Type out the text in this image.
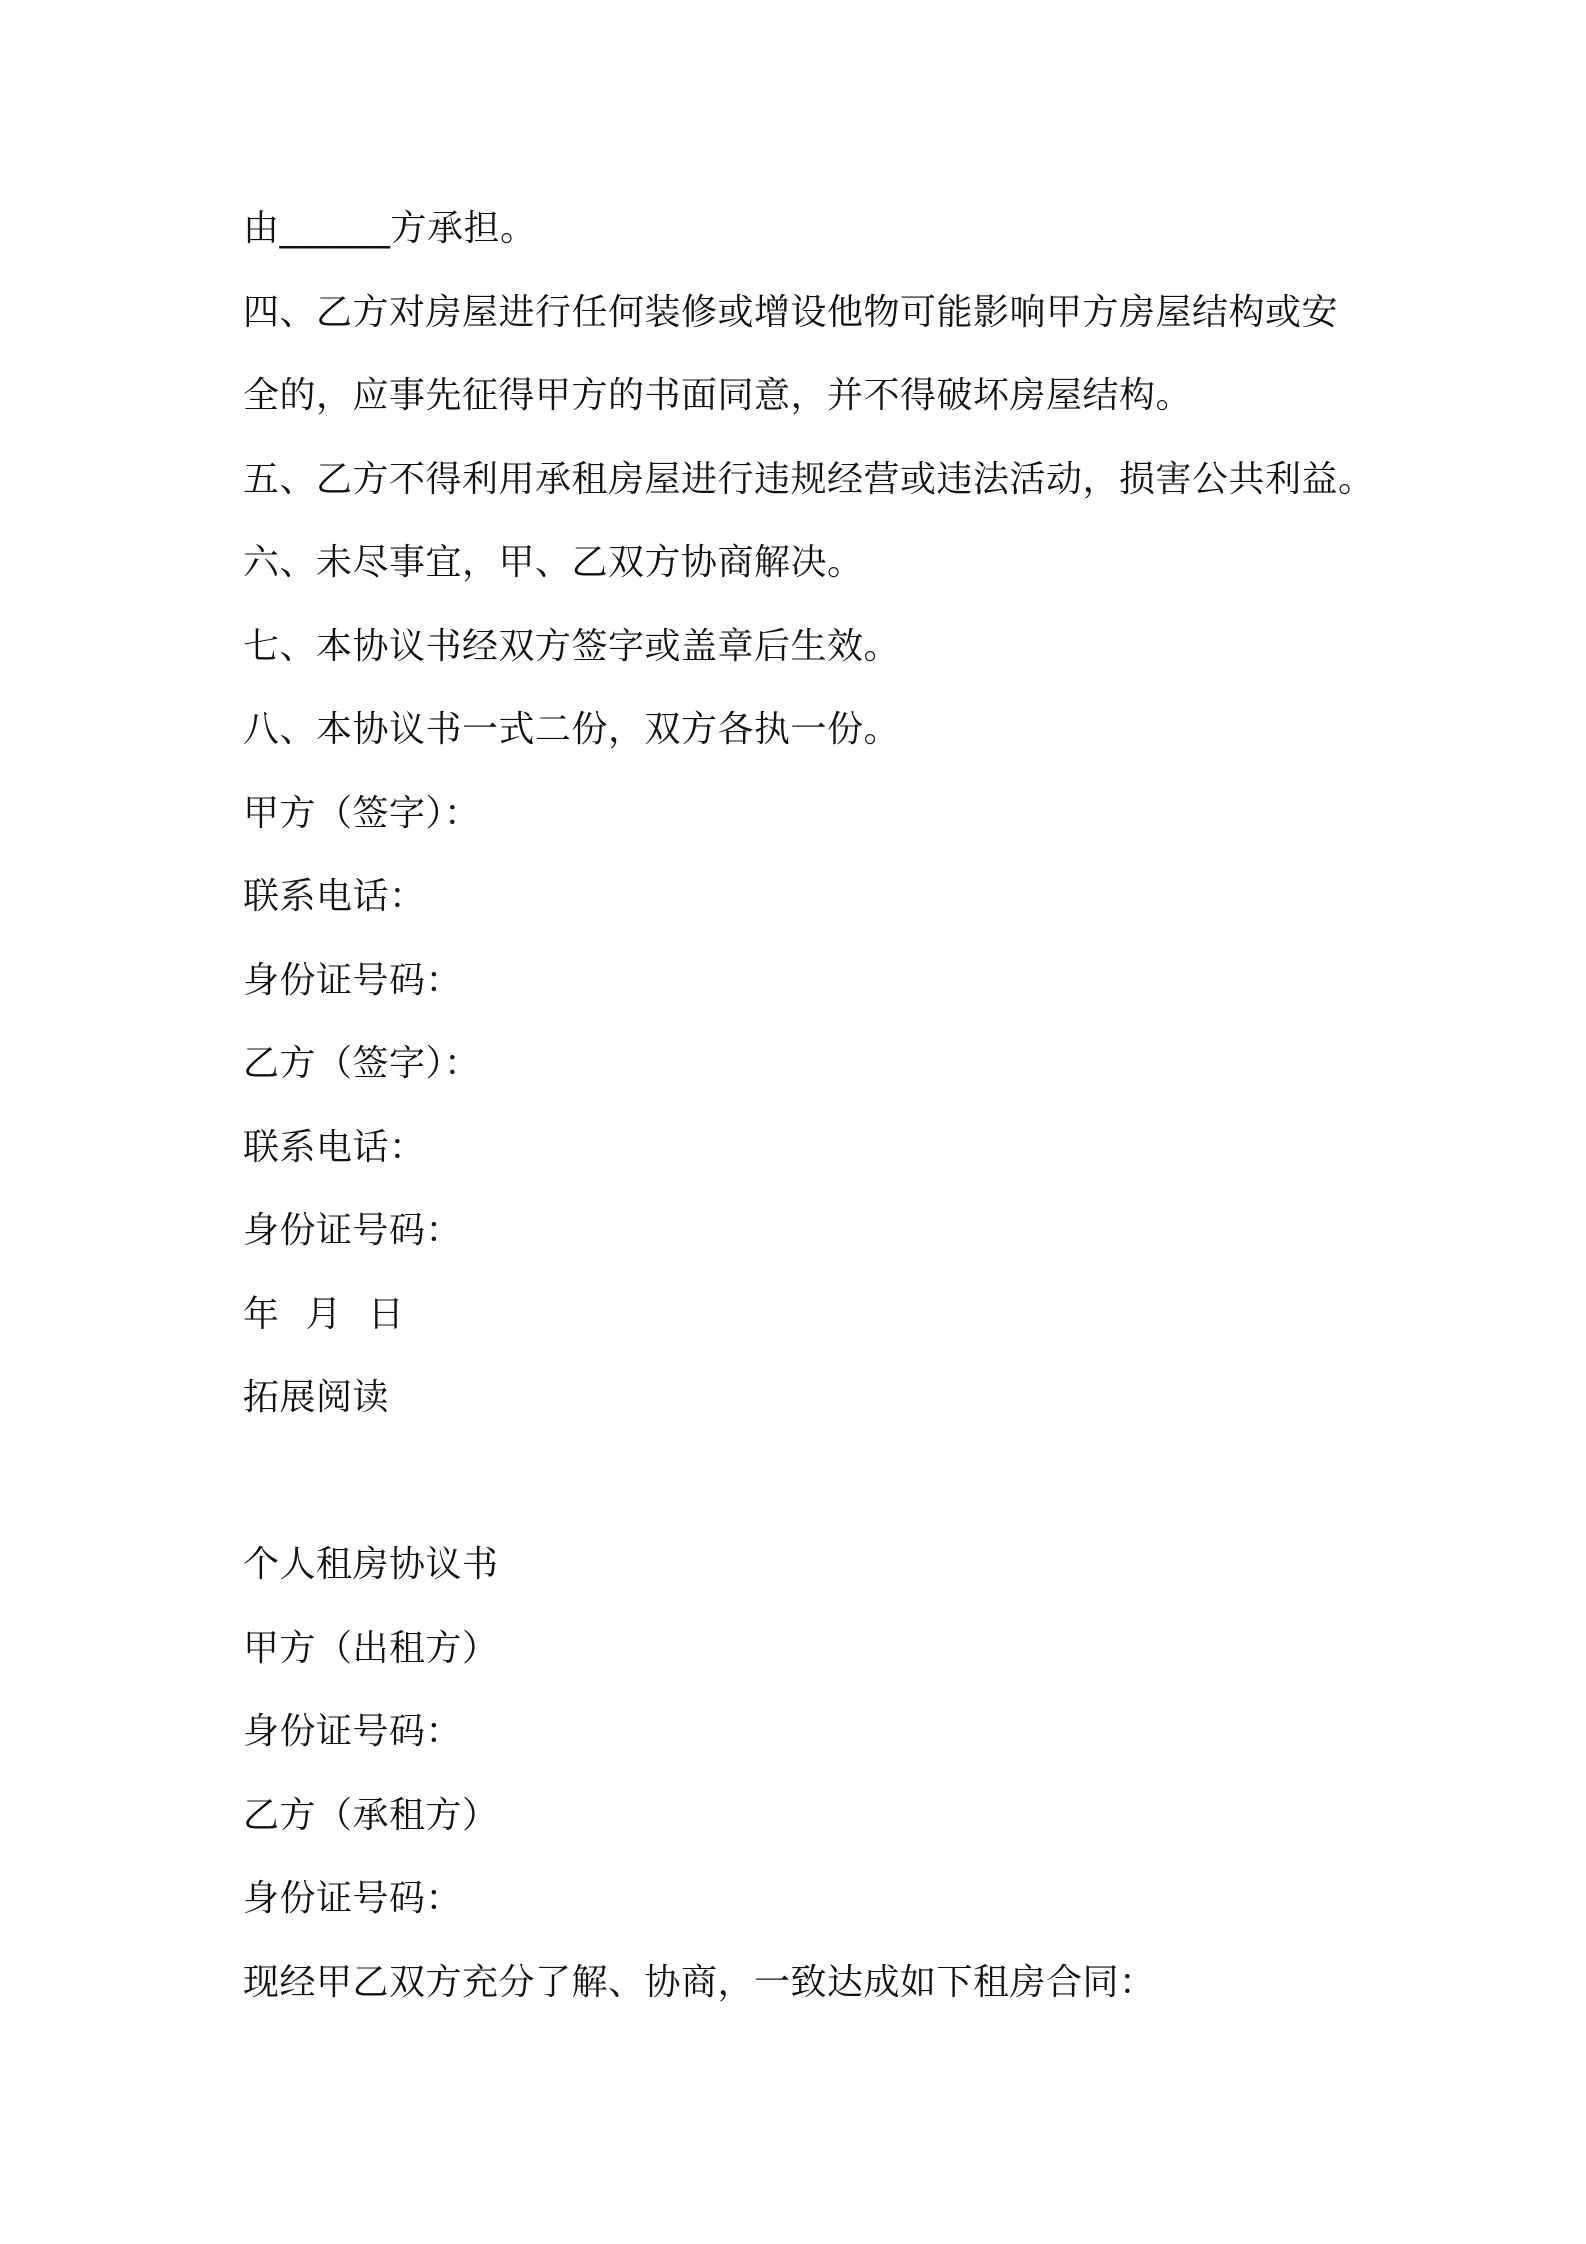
由______方承担。
四、乙方对房屋进行任何装修或增设他物可能影响甲方房屋结构或安
全的，应事先征得甲方的书面同意，并不得破坏房屋结构。
五、乙方不得利用承租房屋进行违规经营或违法活动，损害公共利益。
六、未尽事宜，甲、乙双方协商解决。
七、本协议书经双方签字或盖章后生效。
八、本协议书一式二份，双方各执一份。
甲方（签字）：
联系电话：
身份证号码：
乙方（签字）：
联系电话：
身份证号码：
年 月 日
拓展阅读
个人租房协议书
甲方（出租方）
身份证号码：
乙方（承租方）
身份证号码：
现经甲乙双方充分了解、协商，一致达成如下租房合同：
